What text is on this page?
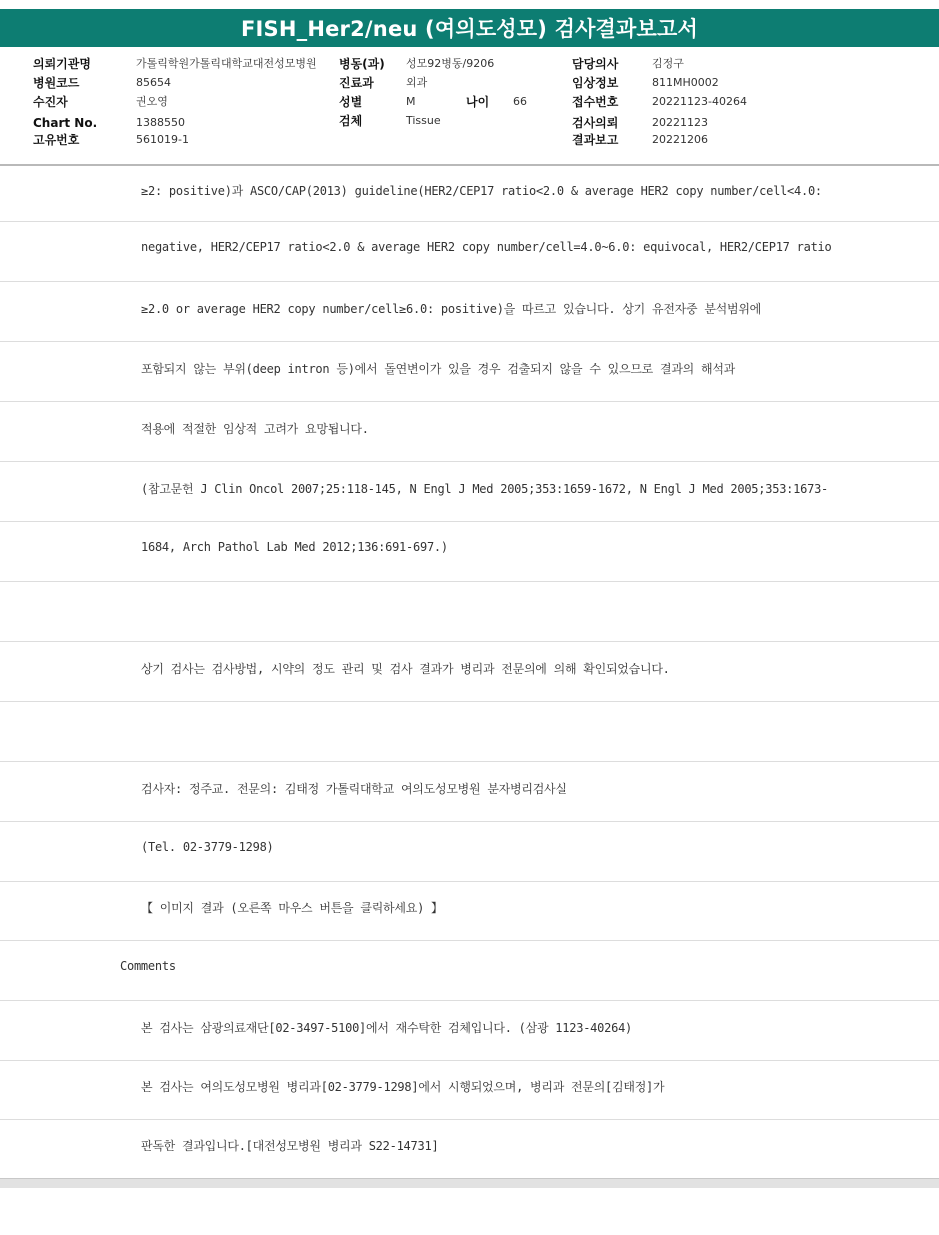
FISH_Her2/neu (여의도성모) 검사결과보고서
의뢰기관명	가톨릭학원가톨릭대학교대전성모병원 병동(과) 성모92병동/9206	담당의사	김정구
병원코드	85654	진료과	외과	임상정보	811MH0002
수진자	권오영	성별	M	나이 66	접수번호	20221123-40264
Chart No.	1388550	검체	Tissue	검사의뢰	20221123
고유번호	561019-1	결과보고	20221206
≥2: positive)과 ASCO/CAP(2013) guideline(HER2/CEP17 ratio<2.0 & average HER2 copy number/cell<4.0:
negative, HER2/CEP17 ratio<2.0 & average HER2 copy number/cell=4.0~6.0: equivocal, HER2/CEP17 ratio
≥2.0 or average HER2 copy number/cell≥6.0: positive)을 따르고 있습니다. 상기 유전자중 분석범위에
포함되지 않는 부위(deep intron 등)에서 돌연변이가 있을 경우 검출되지 않을 수 있으므로 결과의 해석과
적용에 적절한 임상적 고려가 요망됩니다.
(참고문헌 J Clin Oncol 2007;25:118-145, N Engl J Med 2005;353:1659-1672, N Engl J Med 2005;353:1673-
1684, Arch Pathol Lab Med 2012;136:691-697.)
상기 검사는 검사방법, 시약의 정도 관리 및 검사 결과가 병리과 전문의에 의해 확인되었습니다.
검사자: 정주교. 전문의: 김태정 가톨릭대학교 여의도성모병원 분자병리검사실
(Tel. 02-3779-1298)
【 이미지 결과 (오른쪽 마우스 버튼을 클릭하세요) 】
Comments
본 검사는 삼광의료재단[02-3497-5100]에서 재수탁한 검체입니다. (삼광 1123-40264)
본 검사는 여의도성모병원 병리과[02-3779-1298]에서 시행되었으며, 병리과 전문의[김태정]가
판독한 결과입니다.[대전성모병원 병리과 S22-14731]
